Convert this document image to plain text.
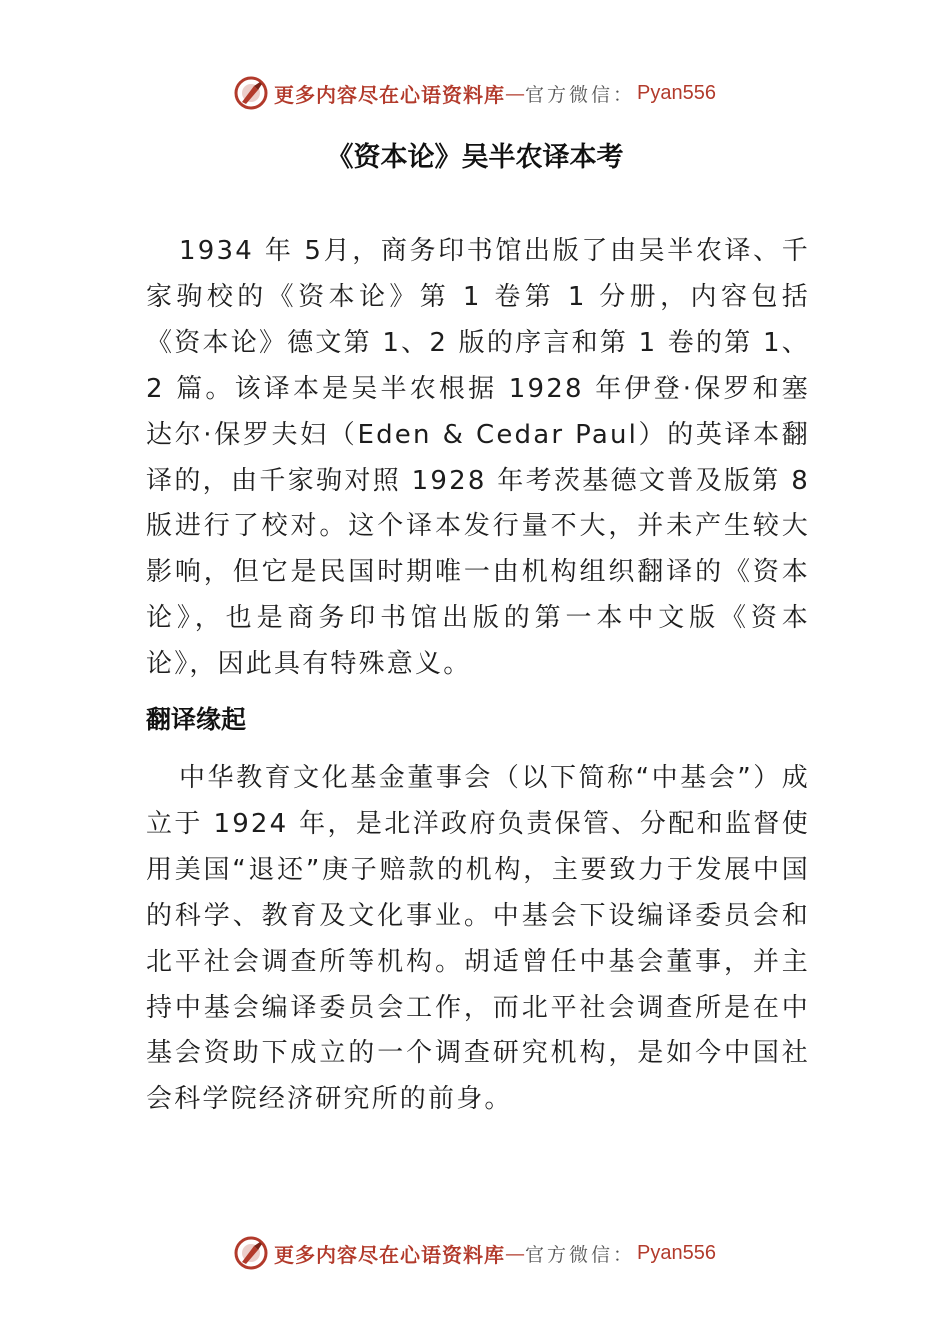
更多内容尽在心语资料库 — 官方微信： Pyan556
《资本论》吴半农译本考

1934 年 5月，商务印书馆出版了由吴半农译、千家驹校的《资本论》第 1 卷第 1 分册，内容包括《资本论》德文第 1、2 版的序言和第 1 卷的第 1、2 篇。该译本是吴半农根据 1928 年伊登·保罗和塞达尔·保罗夫妇（Eden & Cedar Paul）的英译本翻译的，由千家驹对照 1928 年考茨基德文普及版第 8 版进行了校对。这个译本发行量不大，并未产生较大影响，但它是民国时期唯一由机构组织翻译的《资本论》，也是商务印书馆出版的第一本中文版《资本论》，因此具有特殊意义。

翻译缘起

中华教育文化基金董事会（以下简称“中基会”）成立于 1924 年，是北洋政府负责保管、分配和监督使用美国“退还”庚子赔款的机构，主要致力于发展中国的科学、教育及文化事业。中基会下设编译委员会和北平社会调查所等机构。胡适曾任中基会董事，并主持中基会编译委员会工作，而北平社会调查所是在中基会资助下成立的一个调查研究机构，是如今中国社会科学院经济研究所的前身。

更多内容尽在心语资料库 — 官方微信： Pyan556
